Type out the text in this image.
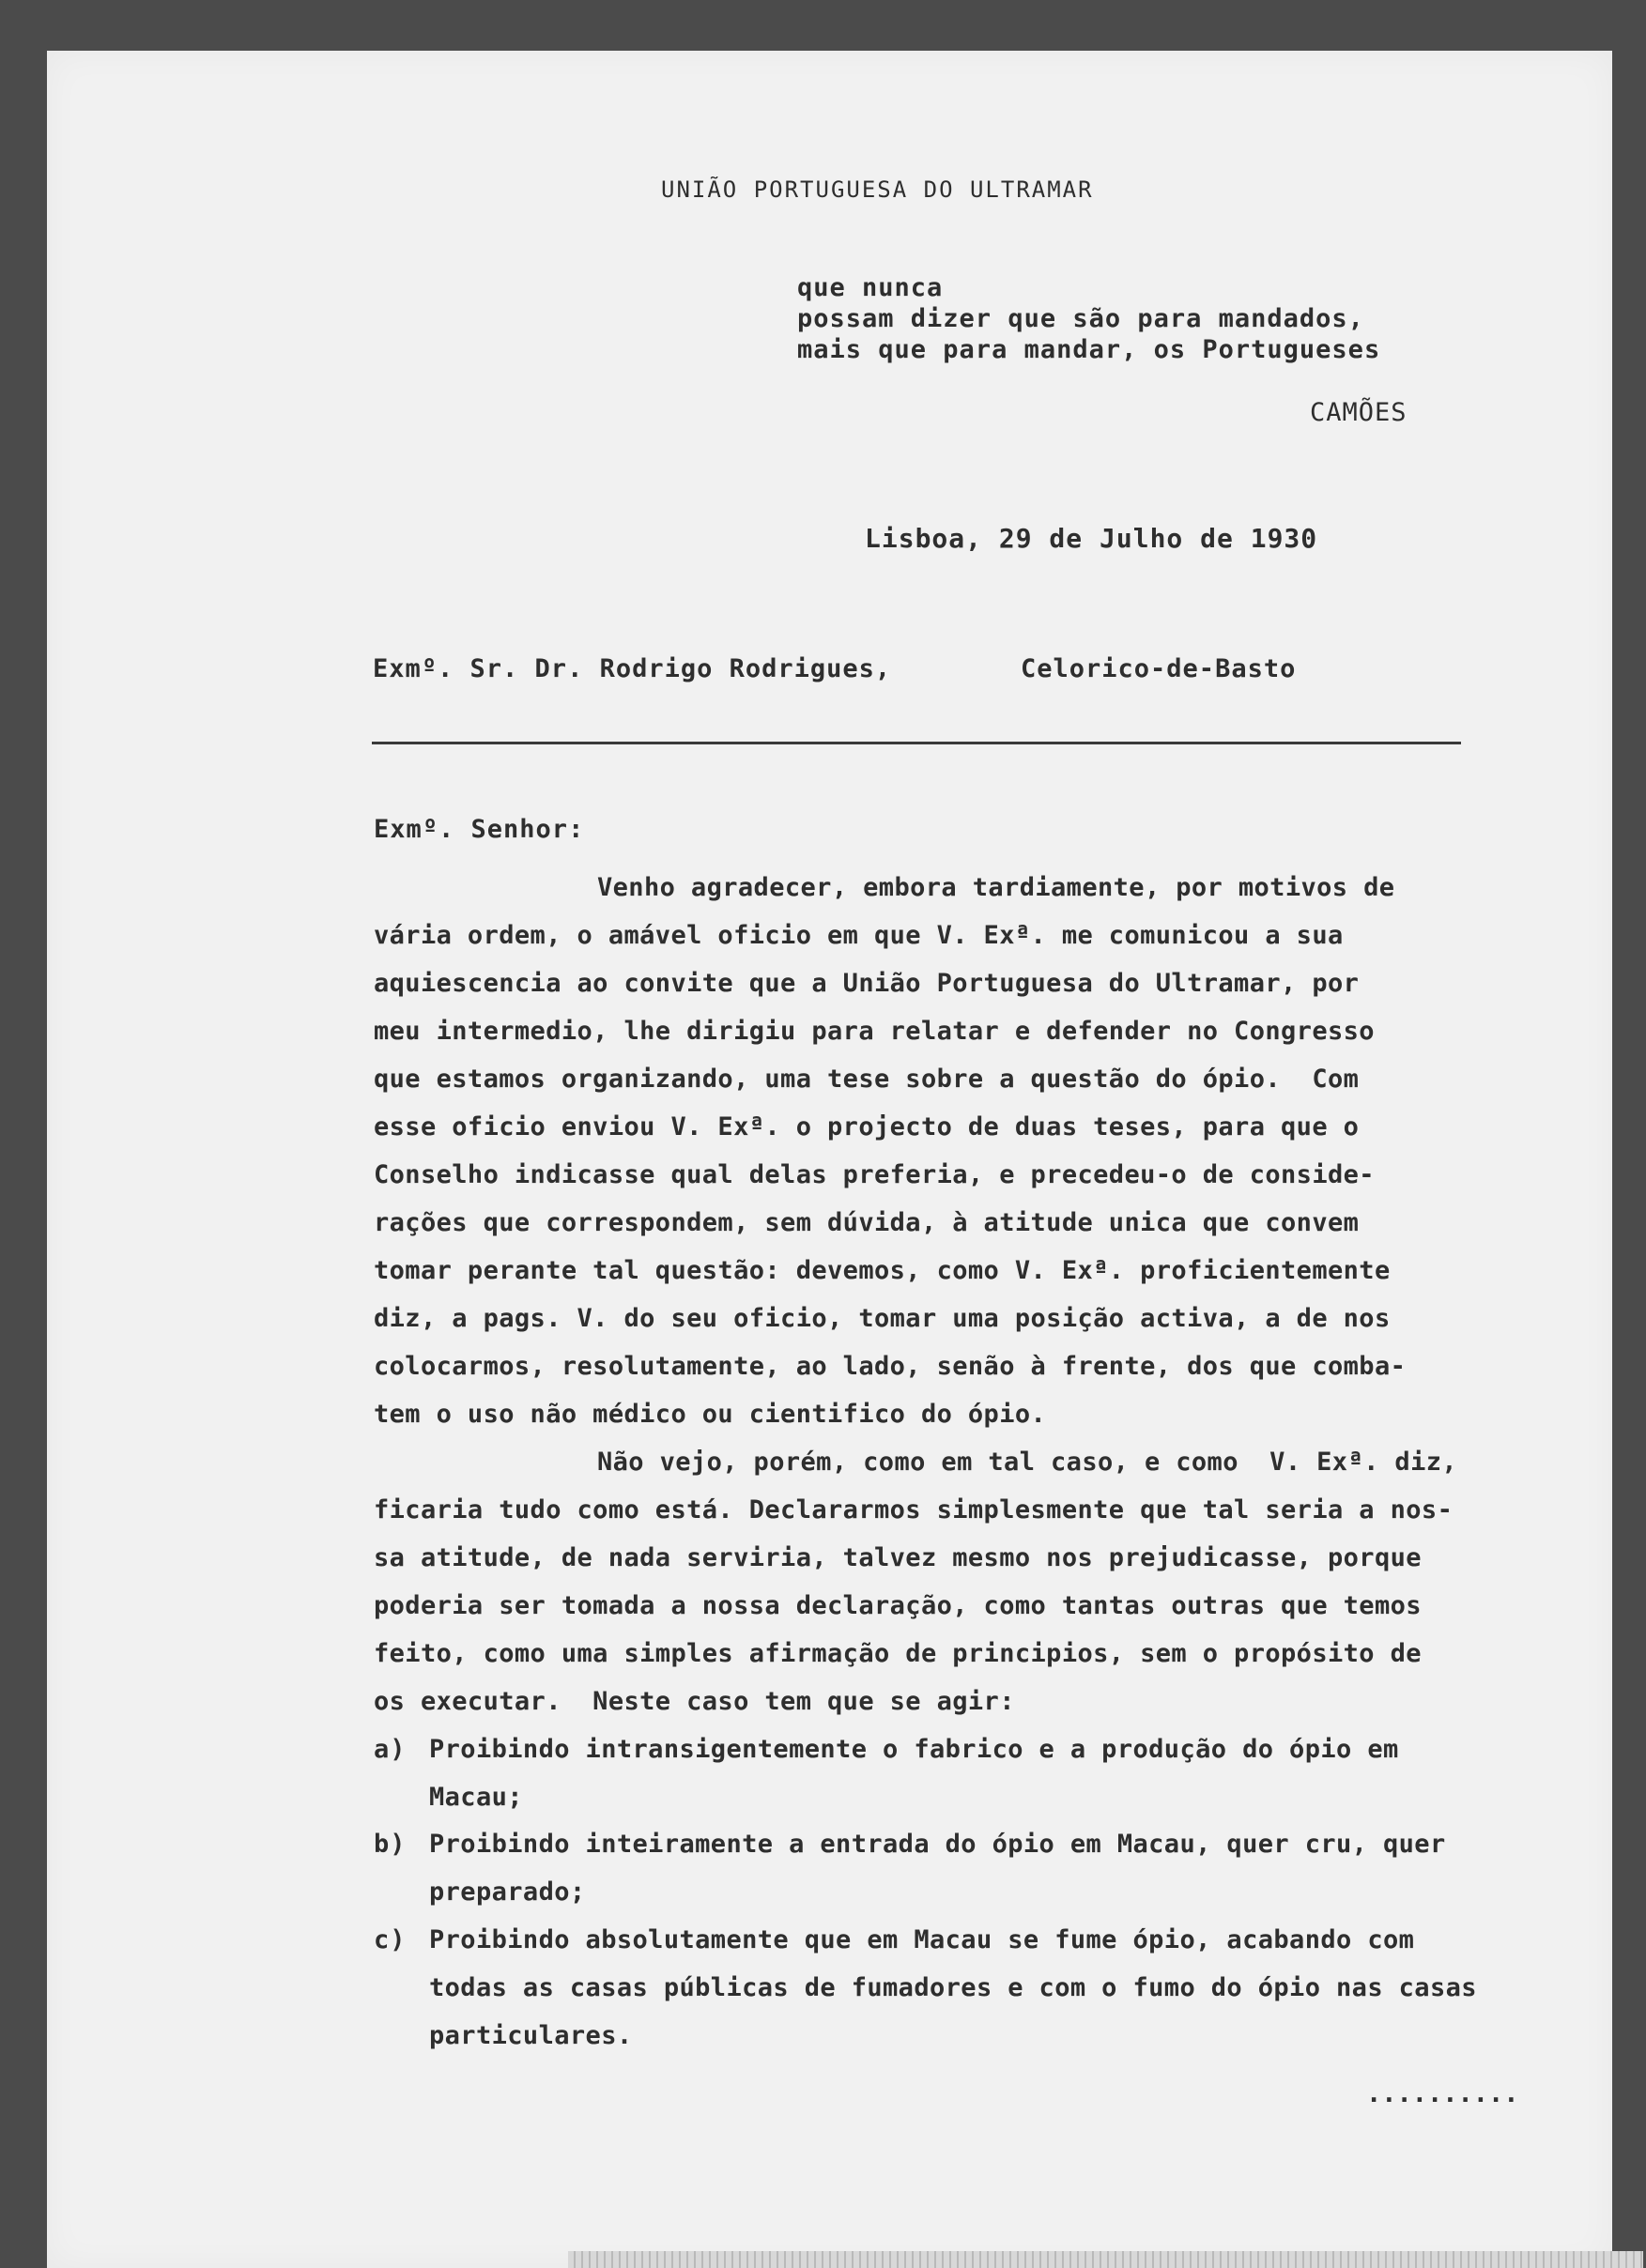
UNIÃO PORTUGUESA DO ULTRAMAR
que nunca
possam dizer que são para mandados,
mais que para mandar, os Portugueses
CAMÕES
Lisboa, 29 de Julho de 1930
Exmº. Sr. Dr. Rodrigo Rodrigues,	Celorico-de-Basto
Exmº. Senhor:
Venho agradecer, embora tardiamente, por motivos de
vária ordem, o amável oficio em que V. Exª. me comunicou a sua
aquiescencia ao convite que a União Portuguesa do Ultramar, por
meu intermedio, lhe dirigiu para relatar e defender no Congresso
que estamos organizando, uma tese sobre a questão do ópio.  Com
esse oficio enviou V. Exª. o projecto de duas teses, para que o
Conselho indicasse qual delas preferia, e precedeu-o de conside-
rações que correspondem, sem dúvida, à atitude unica que convem
tomar perante tal questão: devemos, como V. Exª. proficientemente
diz, a pags. V. do seu oficio, tomar uma posição activa, a de nos
colocarmos, resolutamente, ao lado, senão à frente, dos que comba-
tem o uso não médico ou cientifico do ópio.
Não vejo, porém, como em tal caso, e como  V. Exª. diz,
ficaria tudo como está. Declararmos simplesmente que tal seria a nos-
sa atitude, de nada serviria, talvez mesmo nos prejudicasse, porque
poderia ser tomada a nossa declaração, como tantas outras que temos
feito, como uma simples afirmação de principios, sem o propósito de
os executar.  Neste caso tem que se agir:
a) Proibindo intransigentemente o fabrico e a produção do ópio em
Macau;
b) Proibindo inteiramente a entrada do ópio em Macau, quer cru, quer
preparado;
c) Proibindo absolutamente que em Macau se fume ópio, acabando com
todas as casas públicas de fumadores e com o fumo do ópio nas casas
particulares.
..........
